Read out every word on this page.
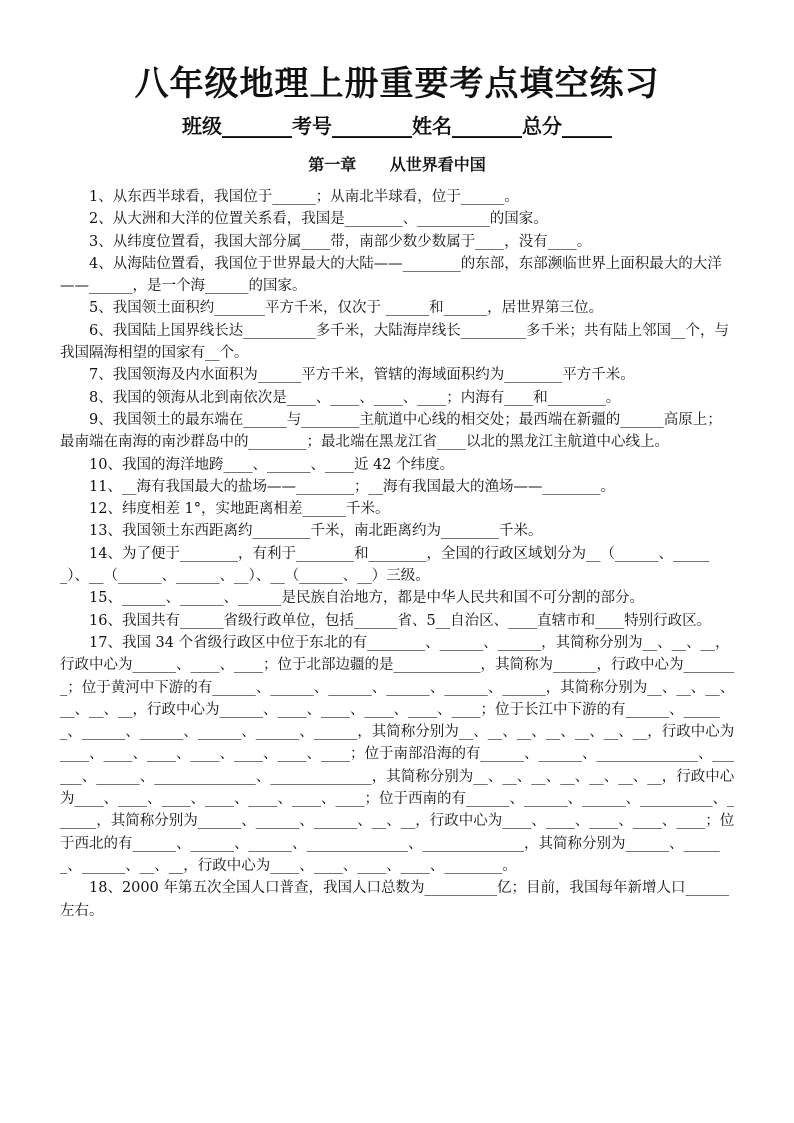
八年级地理上册重要考点填空练习
班级_______考号________姓名_______总分_____
第一章      从世界看中国

1、从东西半球看，我国位于______；从南北半球看，位于______。

2、从大洲和大洋的位置关系看，我国是________、__________的国家。

3、从纬度位置看，我国大部分属____带，南部少数少数属于____，没有____。

4、从海陆位置看，我国位于世界最大的大陆——________的东部，东部濒临世界上面积最大的大洋——______，是一个海______的国家。

5、我国领土面积约_______平方千米，仅次于 ______和______，居世界第三位。

6、我国陆上国界线长达__________多千米，大陆海岸线长_________多千米；共有陆上邻国__个，与我国隔海相望的国家有__个。

7、我国领海及内水面积为______平方千米，管辖的海域面积约为________平方千米。

8、我国的领海从北到南依次是____、____、____、____；内海有____和________。

9、我国领土的最东端在______与________主航道中心线的相交处；最西端在新疆的______高原上；最南端在南海的南沙群岛中的________；最北端在黑龙江省____以北的黑龙江主航道中心线上。

10、我国的海洋地跨____、______、____近 42 个纬度。

11、__海有我国最大的盐场——________；__海有我国最大的渔场——________。

12、纬度相差 1°，实地距离相差______千米。

13、我国领土东西距离约________千米，南北距离约为________千米。

14、为了便于________，有利于________和________，全国的行政区域划分为__（______、______）、__（______、______、__）、__（______、__）三级。

15、______、______、______是民族自治地方，都是中华人民共和国不可分割的部分。

16、我国共有______省级行政单位，包括______省、5__自治区、____直辖市和____特别行政区。

17、我国 34 个省级行政区中位于东北的有________、______、______，其简称分别为__、__、__，行政中心为______、____、____；位于北部边疆的是____________，其简称为______，行政中心为________；位于黄河中下游的有______、______、______、______、______、______，其简称分别为__、__、__、__、__、__，行政中心为______、____、____、____、____、____；位于长江中下游的有______、______、______、______、______、______、______，其简称分别为__、__、__、__、__、__、__，行政中心为____、____、____、____、____、____、____；位于南部沿海的有______、______、______________、______、______、______________、______________，其简称分别为__、__、__、__、__、__、__，行政中心为____、____、____、____、____、____、____；位于西南的有______、______、______、__________、______，其简称分别为______、______、______、__、__，行政中心为____、____、____、____、____；位于西北的有______、______、______、______________、______________，其简称分别为______、______、______、__、__，行政中心为____、____、____、____、________。

18、2000 年第五次全国人口普查，我国人口总数为__________亿；目前，我国每年新增人口______左右。
